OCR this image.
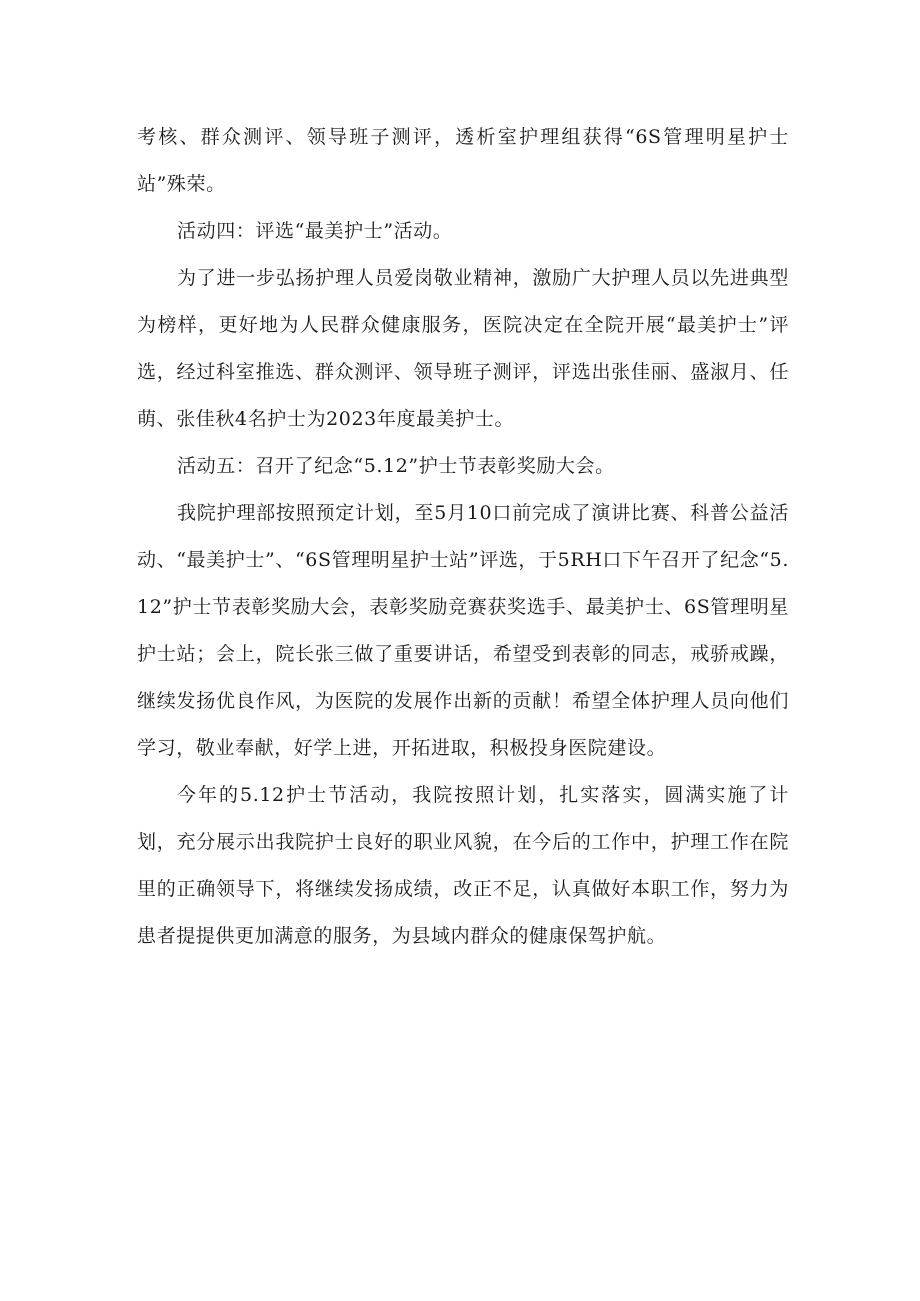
考核、群众测评、领导班子测评，透析室护理组获得“6S管理明星护士站”殊荣。

活动四：评选“最美护士”活动。

为了进一步弘扬护理人员爱岗敬业精神，激励广大护理人员以先进典型为榜样，更好地为人民群众健康服务，医院决定在全院开展“最美护士”评选，经过科室推选、群众测评、领导班子测评，评选出张佳丽、盛淑月、任萌、张佳秋4名护士为2023年度最美护士。

活动五：召开了纪念“5.12”护士节表彰奖励大会。

我院护理部按照预定计划，至5月10口前完成了演讲比赛、科普公益活动、“最美护士”、“6S管理明星护士站”评选，于5RH口下午召开了纪念“5.12”护士节表彰奖励大会，表彰奖励竞赛获奖选手、最美护士、6S管理明星护士站；会上，院长张三做了重要讲话，希望受到表彰的同志，戒骄戒躁，继续发扬优良作风，为医院的发展作出新的贡献！希望全体护理人员向他们学习，敬业奉献，好学上进，开拓进取，积极投身医院建设。

今年的5.12护士节活动，我院按照计划，扎实落实，圆满实施了计划，充分展示出我院护士良好的职业风貌，在今后的工作中，护理工作在院里的正确领导下，将继续发扬成绩，改正不足，认真做好本职工作，努力为患者提提供更加满意的服务，为县域内群众的健康保驾护航。
